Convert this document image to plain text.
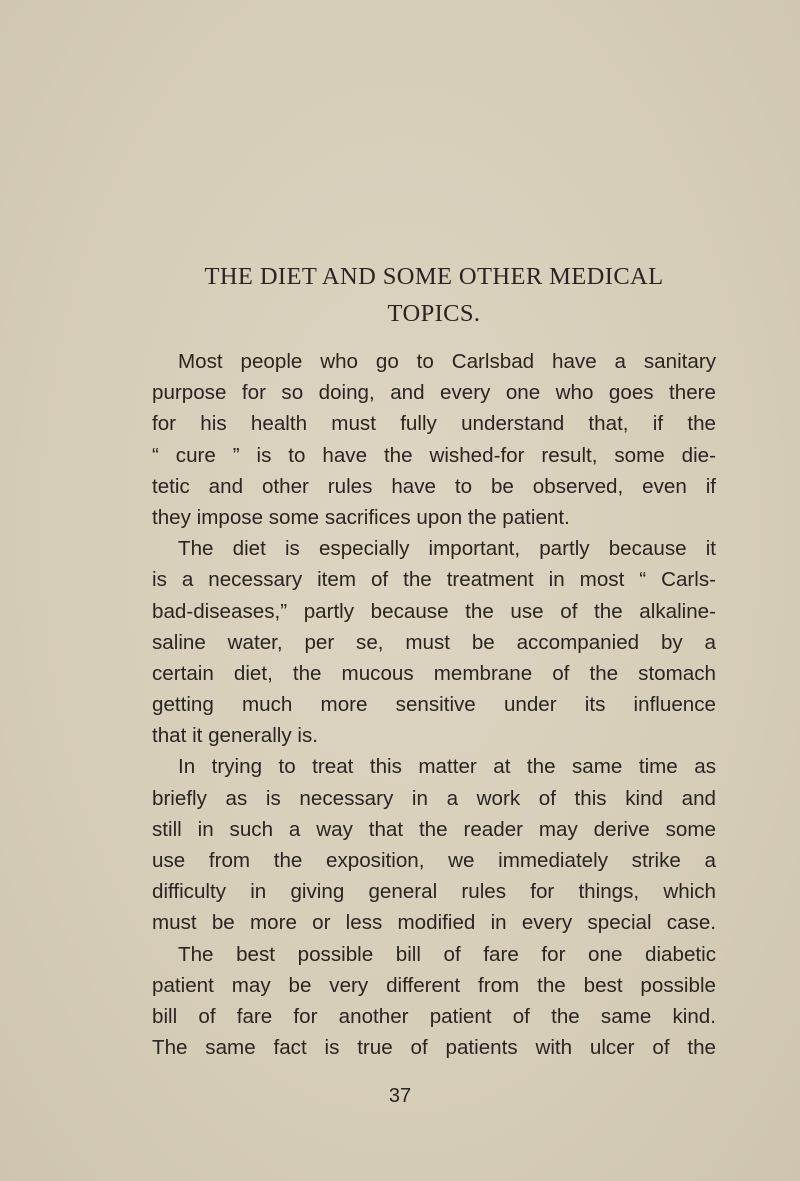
THE DIET AND SOME OTHER MEDICAL
TOPICS.
Most people who go to Carlsbad have a sanitary
purpose for so doing, and every one who goes there
for his health must fully understand that, if the
“ cure ” is to have the wished-for result, some die-
tetic and other rules have to be observed, even if
they impose some sacrifices upon the patient.
The diet is especially important, partly because it
is a necessary item of the treatment in most “ Carls-
bad-diseases,” partly because the use of the alkaline-
saline water, per se, must be accompanied by a
certain diet, the mucous membrane of the stomach
getting much more sensitive under its influence
that it generally is.
In trying to treat this matter at the same time as
briefly as is necessary in a work of this kind and
still in such a way that the reader may derive some
use from the exposition, we immediately strike a
difficulty in giving general rules for things, which
must be more or less modified in every special case.
The best possible bill of fare for one diabetic
patient may be very different from the best possible
bill of fare for another patient of the same kind.
The same fact is true of patients with ulcer of the
37
